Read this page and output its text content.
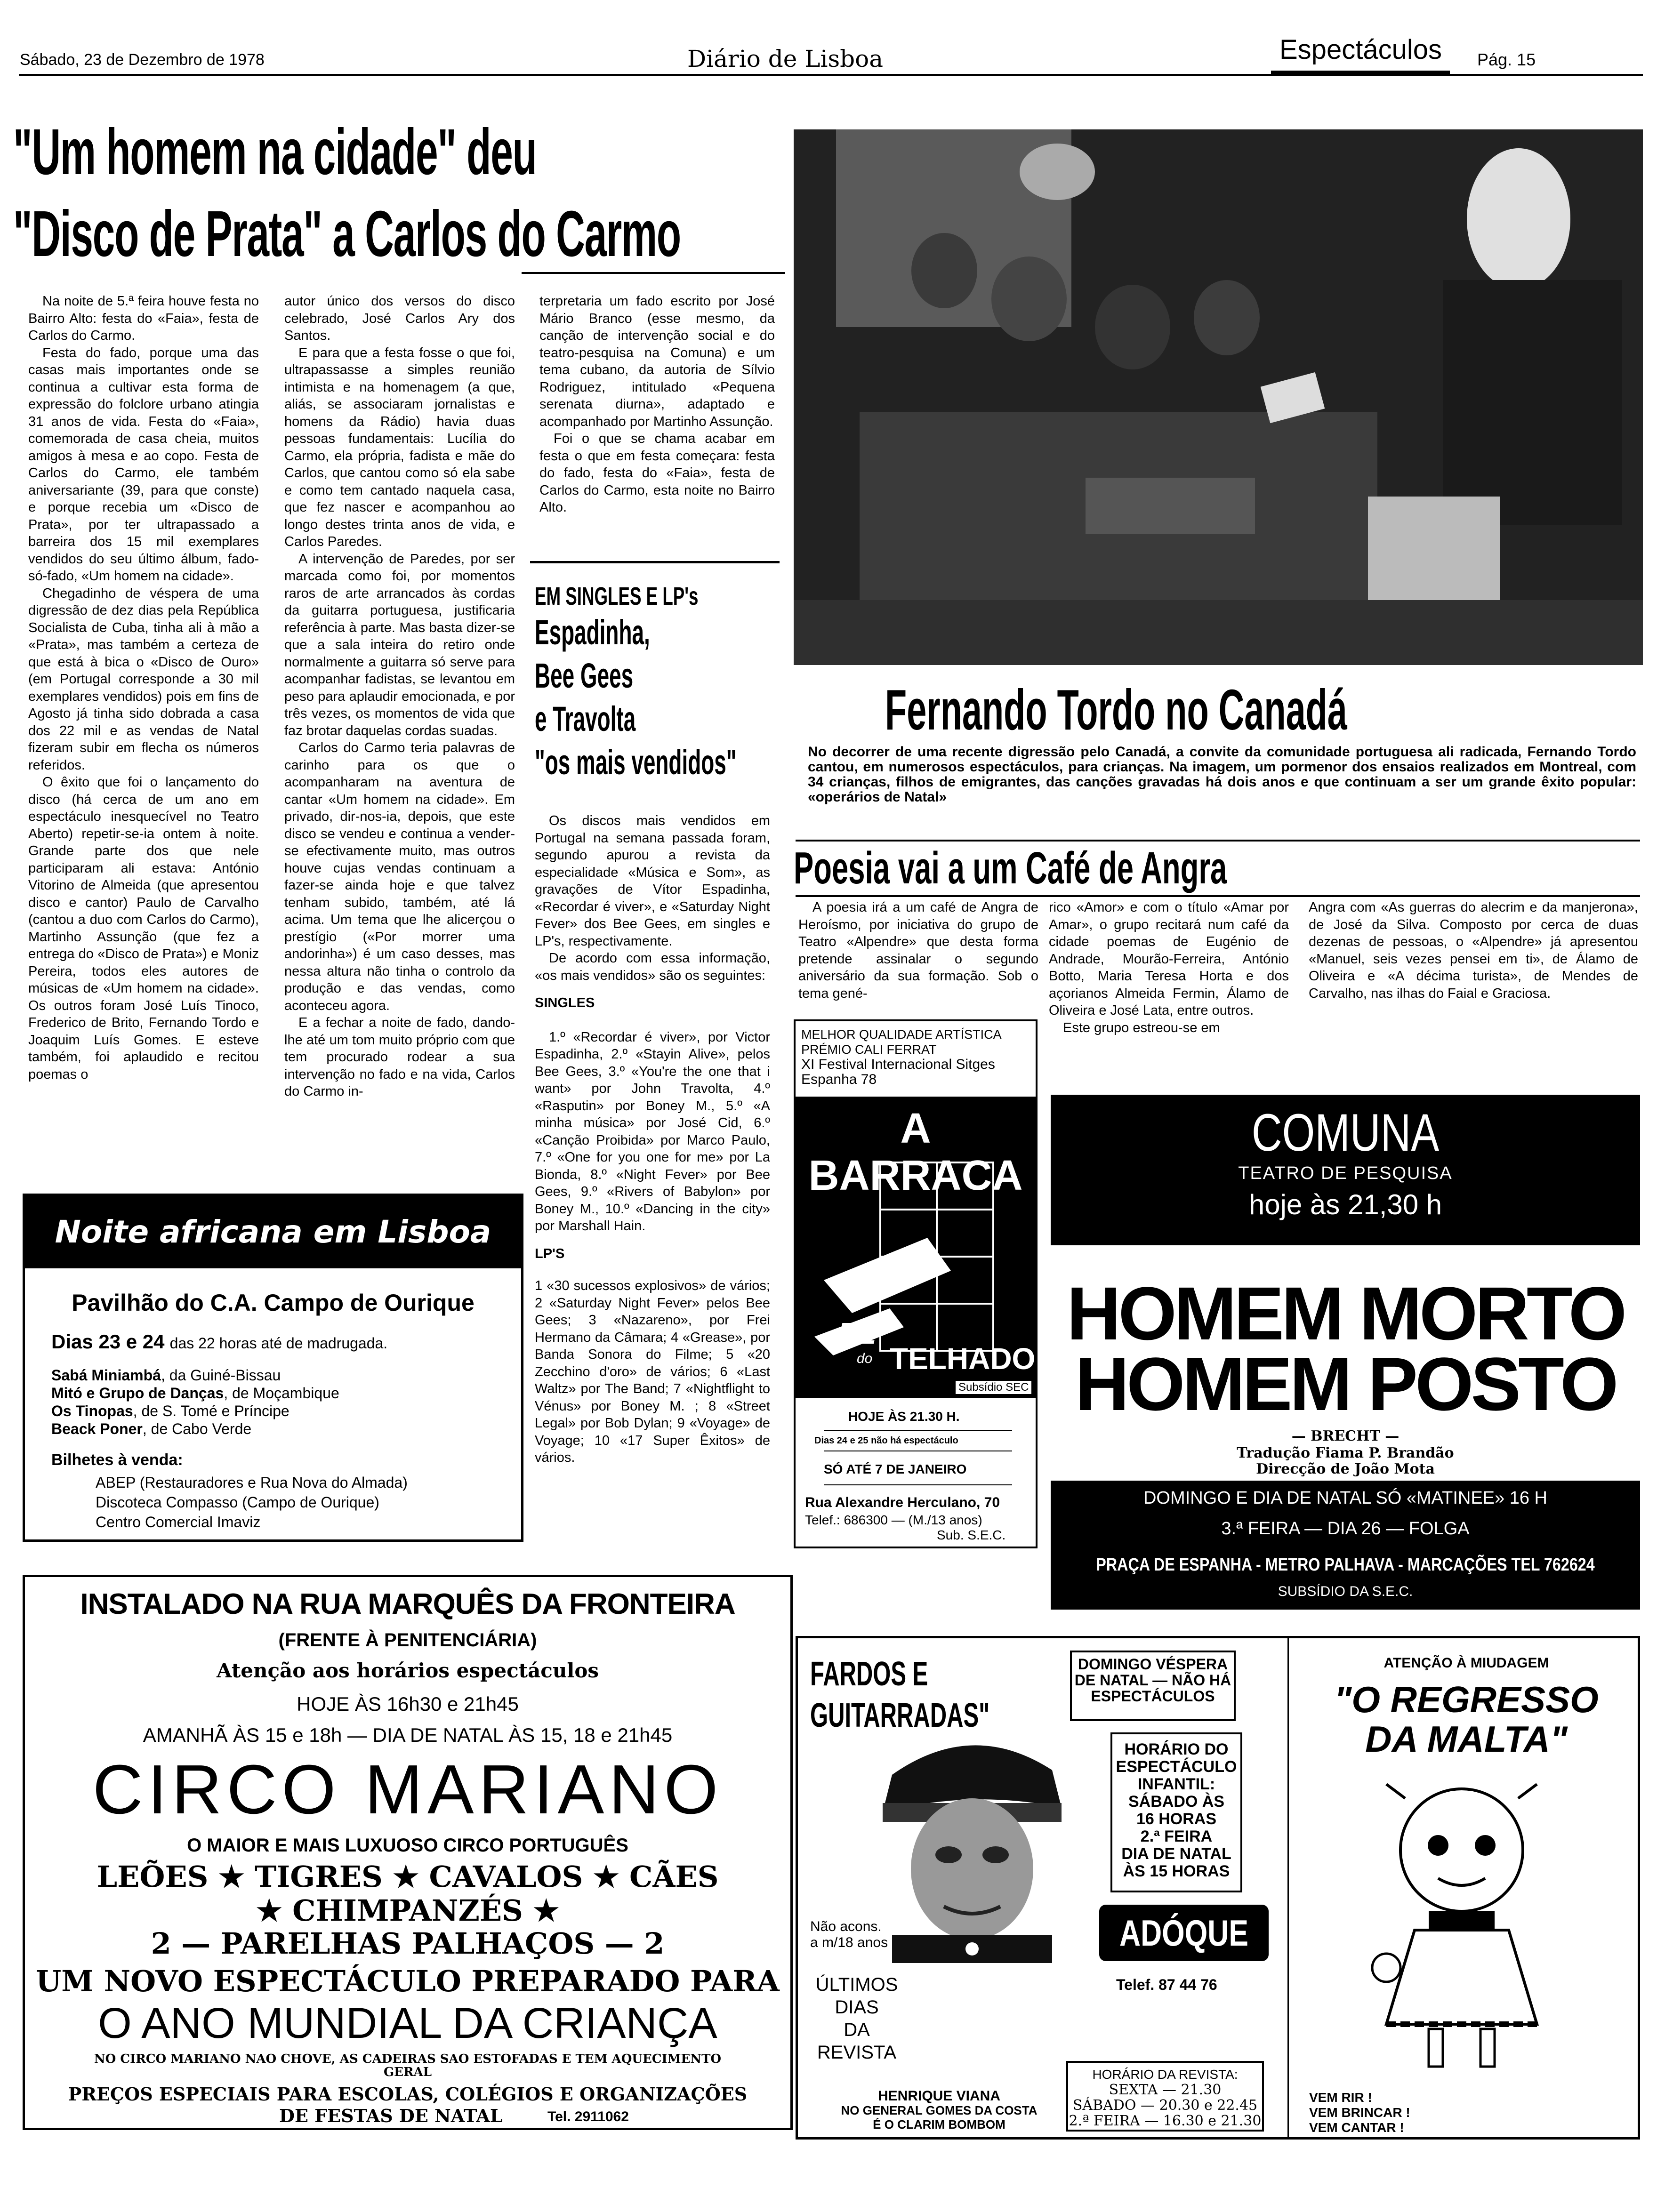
Sábado, 23 de Dezembro de 1978	Diário de Lisboa	Espectáculos Pág. 15
"Um homem na cidade" deu
"Disco de Prata" a Carlos do Carmo

Na noite de 5.ª feira houve festa no Bairro Alto: festa do «Faia», festa de Carlos do Carmo.

Festa do fado, porque uma das casas mais importantes onde se continua a cultivar esta forma de expressão do folclore urbano atingia 31 anos de vida. Festa do «Faia», comemorada de casa cheia, muitos amigos à mesa e ao copo. Festa de Carlos do Carmo, ele também aniversariante (39, para que conste) e porque recebia um «Disco de Prata», por ter ultrapassado a barreira dos 15 mil exemplares vendidos do seu último álbum, fado-só-fado, «Um homem na cidade».

Chegadinho de véspera de uma digressão de dez dias pela República Socialista de Cuba, tinha ali à mão a «Prata», mas também a certeza de que está à bica o «Disco de Ouro» (em Portugal corresponde a 30 mil exemplares vendidos) pois em fins de Agosto já tinha sido dobrada a casa dos 22 mil e as vendas de Natal fizeram subir em flecha os números referidos.

O êxito que foi o lançamento do disco (há cerca de um ano em espectáculo inesquecível no Teatro Aberto) repetir-se-ia ontem à noite. Grande parte dos que nele participaram ali estava: António Vitorino de Almeida (que apresentou disco e cantor) Paulo de Carvalho (cantou a duo com Carlos do Carmo), Martinho Assunção (que fez a entrega do «Disco de Prata») e Moniz Pereira, todos eles autores de músicas de «Um homem na cidade». Os outros foram José Luís Tinoco, Frederico de Brito, Fernando Tordo e Joaquim Luís Gomes. E esteve também, foi aplaudido e recitou poemas o

autor único dos versos do disco celebrado, José Carlos Ary dos Santos.

E para que a festa fosse o que foi, ultrapassasse a simples reunião intimista e na homenagem (a que, aliás, se associaram jornalistas e homens da Rádio) havia duas pessoas fundamentais: Lucília do Carmo, ela própria, fadista e mãe do Carlos, que cantou como só ela sabe e como tem cantado naquela casa, que fez nascer e acompanhou ao longo destes trinta anos de vida, e Carlos Paredes.

A intervenção de Paredes, por ser marcada como foi, por momentos raros de arte arrancados às cordas da guitarra portuguesa, justificaria referência à parte. Mas basta dizer-se que a sala inteira do retiro onde normalmente a guitarra só serve para acompanhar fadistas, se levantou em peso para aplaudir emocionada, e por três vezes, os momentos de vida que faz brotar daquelas cordas suadas.

Carlos do Carmo teria palavras de carinho para os que o acompanharam na aventura de cantar «Um homem na cidade». Em privado, dir-nos-ia, depois, que este disco se vendeu e continua a vender-se efectivamente muito, mas outros houve cujas vendas continuam a fazer-se ainda hoje e que talvez tenham subido, também, até lá acima. Um tema que lhe alicerçou o prestígio («Por morrer uma andorinha») é um caso desses, mas nessa altura não tinha o controlo da produção e das vendas, como aconteceu agora.

E a fechar a noite de fado, dando-lhe até um tom muito próprio com que tem procurado rodear a sua intervenção no fado e na vida, Carlos do Carmo in-

terpretaria um fado escrito por José Mário Branco (esse mesmo, da canção de intervenção social e do teatro-pesquisa na Comuna) e um tema cubano, da autoria de Sílvio Rodriguez, intitulado «Pequena serenata diurna», adaptado e acompanhado por Martinho Assunção.

Foi o que se chama acabar em festa o que em festa começara: festa do fado, festa do «Faia», festa de Carlos do Carmo, esta noite no Bairro Alto.

EM SINGLES E LP's
Espadinha,
Bee Gees
e Travolta
"os mais vendidos"

Os discos mais vendidos em Portugal na semana passada foram, segundo apurou a revista da especialidade «Música e Som», as gravações de Vítor Espadinha, «Recordar é viver», e «Saturday Night Fever» dos Bee Gees, em singles e LP's, respectivamente.

De acordo com essa informação, «os mais vendidos» são os seguintes:

SINGLES

1.º «Recordar é viver», por Victor Espadinha, 2.º «Stayin Alive», pelos Bee Gees, 3.º «You're the one that i want» por John Travolta, 4.º «Rasputin» por Boney M., 5.º «A minha música» por José Cid, 6.º «Canção Proibida» por Marco Paulo, 7.º «One for you one for me» por La Bionda, 8.º «Night Fever» por Bee Gees, 9.º «Rivers of Babylon» por Boney M., 10.º «Dancing in the city» por Marshall Hain.

LP'S

1 «30 sucessos explosivos» de vários; 2 «Saturday Night Fever» pelos Bee Gees; 3 «Nazareno», por Frei Hermano da Câmara; 4 «Grease», por Banda Sonora do Filme; 5 «20 Zecchino d'oro» de vários; 6 «Last Waltz» por The Band; 7 «Nightflight to Vénus» por Boney M. ; 8 «Street Legal» por Bob Dylan; 9 «Voyage» de Voyage; 10 «17 Super Êxitos» de vários.

Fernando Tordo no Canadá
No decorrer de uma recente digressão pelo Canadá, a convite da comunidade portuguesa ali radicada, Fernando Tordo cantou, em numerosos espectáculos, para crianças. Na imagem, um pormenor dos ensaios realizados em Montreal, com 34 crianças, filhos de emigrantes, das canções gravadas há dois anos e que continuam a ser um grande êxito popular: «operários de Natal»
Poesia vai a um Café de Angra

A poesia irá a um café de Angra de Heroísmo, por iniciativa do grupo de Teatro «Alpendre» que desta forma pretende assinalar o segundo aniversário da sua formação. Sob o tema gené-

rico «Amor» e com o título «Amar por Amar», o grupo recitará num café da cidade poemas de Eugénio de Andrade, Mourão-Ferreira, António Botto, Maria Teresa Horta e dos açorianos Almeida Fermin, Álamo de Oliveira e José Lata, entre outros.

Este grupo estreou-se em

Angra com «As guerras do alecrim e da manjerona», de José da Silva. Composto por cerca de duas dezenas de pessoas, o «Alpendre» já apresentou «Manuel, seis vezes pensei em ti», de Álamo de Oliveira e «A décima turista», de Mendes de Carvalho, nas ilhas do Faial e Graciosa.

Noite africana em Lisboa
Pavilhão do C.A. Campo de Ourique
Dias 23 e 24 das 22 horas até de madrugada.
Sabá Miniambá, da Guiné-Bissau
Mitó e Grupo de Danças, de Moçambique
Os Tinopas, de S. Tomé e Príncipe
Beack Poner, de Cabo Verde
Bilhetes à venda:
ABEP (Restauradores e Rua Nova do Almada)
Discoteca Compasso (Campo de Ourique)
Centro Comercial Imaviz
INSTALADO NA RUA MARQUÊS DA FRONTEIRA
(FRENTE À PENITENCIÁRIA)
Atenção aos horários espectáculos
HOJE ÀS 16h30 e 21h45
AMANHÃ ÀS 15 e 18h — DIA DE NATAL ÀS 15, 18 e 21h45
CIRCO MARIANO
O MAIOR E MAIS LUXUOSO CIRCO PORTUGUÊS
LEÕES ★ TIGRES ★ CAVALOS ★ CÃES
★ CHIMPANZÉS ★
2 — PARELHAS PALHAÇOS — 2
UM NOVO ESPECTÁCULO PREPARADO PARA
O ANO MUNDIAL DA CRIANÇA
NO CIRCO MARIANO NAO CHOVE, AS CADEIRAS SAO ESTOFADAS E TEM AQUECIMENTO GERAL
PREÇOS ESPECIAIS PARA ESCOLAS, COLÉGIOS E ORGANIZAÇÕES
DE FESTAS DE NATAL	Tel. 2911062
MELHOR QUALIDADE ARTÍSTICA
PRÉMIO CALI FERRAT
XI Festival Internacional Sitges
Espanha 78
A BARRACA
ZÉ
do TELHADO
Subsídio SEC
HOJE ÀS 21.30 H.
Dias 24 e 25 não há espectáculo
SÓ ATÉ 7 DE JANEIRO
Rua Alexandre Herculano, 70
Telef.: 686300 — (M./13 anos)
Sub. S.E.C.
COMUNA
TEATRO DE PESQUISA
hoje às 21,30 h
HOMEM MORTO
HOMEM POSTO
— BRECHT —
Tradução Fiama P. Brandão
Direcção de João Mota
DOMINGO E DIA DE NATAL SÓ «MATINEE» 16 H
3.ª FEIRA — DIA 26 — FOLGA
PRAÇA DE ESPANHA - METRO PALHAVA - MARCAÇÕES TEL 762624
SUBSÍDIO DA S.E.C.
FARDOS E
GUITARRADAS"
DOMINGO VÉSPERA
DE NATAL — NÃO HÁ
ESPECTÁCULOS
HORÁRIO DO
ESPECTÁCULO
INFANTIL:
SÁBADO ÀS
16 HORAS
2.ª FEIRA
DIA DE NATAL
ÀS 15 HORAS
Não acons.
a m/18 anos
ÚLTIMOS
DIAS
DA REVISTA
ADÓQUE
Telef. 87 44 76
HENRIQUE VIANA
NO GENERAL GOMES DA COSTA
É O CLARIM BOMBOM
HORÁRIO DA REVISTA:
SEXTA — 21.30
SÁBADO — 20.30 e 22.45
2.ª FEIRA — 16.30 e 21.30
ATENÇÃO À MIUDAGEM
"O REGRESSO
DA MALTA"
VEM RIR !
VEM BRINCAR !
VEM CANTAR !
